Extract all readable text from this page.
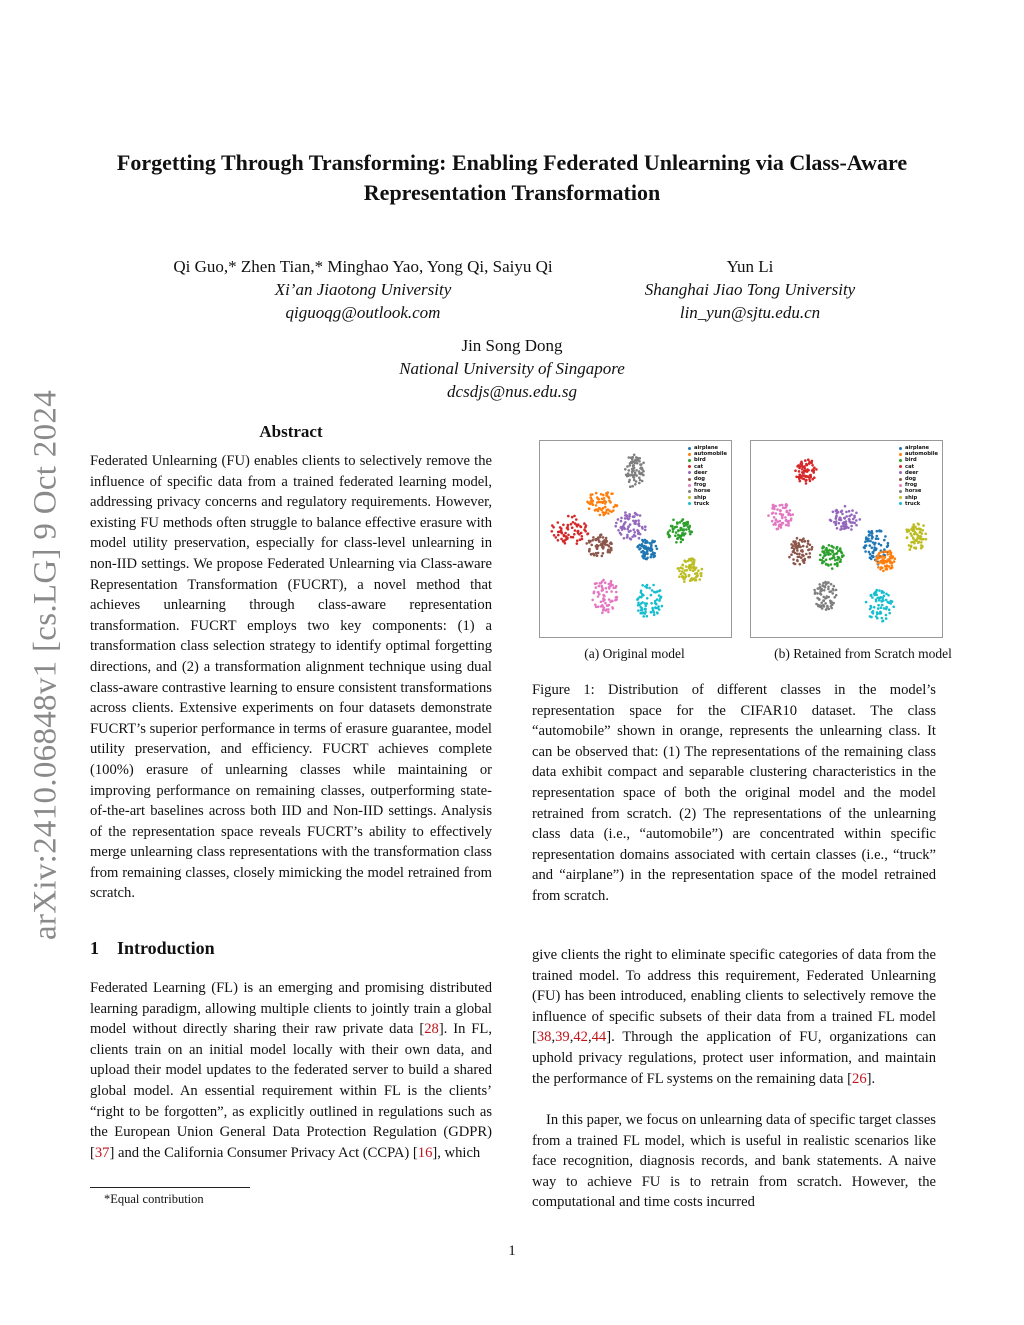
arXiv:2410.06848v1 [cs.LG] 9 Oct 2024
Forgetting Through Transforming: Enabling Federated Unlearning via Class-Aware Representation Transformation
Qi Guo,* Zhen Tian,* Minghao Yao, Yong Qi, Saiyu Qi
Xi’an Jiaotong University
qiguoqg@outlook.com
Yun Li
Shanghai Jiao Tong University
lin_yun@sjtu.edu.cn
Jin Song Dong
National University of Singapore
dcsdjs@nus.edu.sg
Abstract
Federated Unlearning (FU) enables clients to selectively remove the influence of specific data from a trained federated learning model, addressing privacy concerns and regulatory requirements. However, existing FU methods often struggle to balance effective erasure with model utility preservation, especially for class-level unlearning in non-IID settings. We propose Federated Unlearning via Class-aware Representation Transformation (FUCRT), a novel method that achieves unlearning through class-aware representation transformation. FUCRT employs two key components: (1) a transformation class selection strategy to identify optimal forgetting directions, and (2) a transformation alignment technique using dual class-aware contrastive learning to ensure consistent transformations across clients. Extensive experiments on four datasets demonstrate FUCRT’s superior performance in terms of erasure guarantee, model utility preservation, and efficiency. FUCRT achieves complete (100%) erasure of unlearning classes while maintaining or improving performance on remaining classes, outperforming state-of-the-art baselines across both IID and Non-IID settings. Analysis of the representation space reveals FUCRT’s ability to effectively merge unlearning class representations with the transformation class from remaining classes, closely mimicking the model retrained from scratch.
airplane
automobile
bird
cat
deer
dog
frog
horse
ship
truck
airplane
automobile
bird
cat
deer
dog
frog
horse
ship
truck
(a) Original model	(b) Retained from Scratch model
Figure 1: Distribution of different classes in the model’s representation space for the CIFAR10 dataset. The class “automobile” shown in orange, represents the unlearning class. It can be observed that: (1) The representations of the remaining class data exhibit compact and separable clustering characteristics in the representation space of both the original model and the model retrained from scratch. (2) The representations of the unlearning class data (i.e., “automobile”) are concentrated within specific representation domains associated with certain classes (i.e., “truck” and “airplane”) in the representation space of the model retrained from scratch.
1 Introduction
Federated Learning (FL) is an emerging and promising distributed learning paradigm, allowing multiple clients to jointly train a global model without directly sharing their raw private data [28]. In FL, clients train on an initial model locally with their own data, and upload their model updates to the federated server to build a shared global model. An essential requirement within FL is the clients’ “right to be forgotten”, as explicitly outlined in regulations such as the European Union General Data Protection Regulation (GDPR) [37] and the California Consumer Privacy Act (CCPA) [16], which
give clients the right to eliminate specific categories of data from the trained model. To address this requirement, Federated Unlearning (FU) has been introduced, enabling clients to selectively remove the influence of specific subsets of their data from a trained FL model [38,39,42,44]. Through the application of FU, organizations can uphold privacy regulations, protect user information, and maintain the performance of FL systems on the remaining data [26].
In this paper, we focus on unlearning data of specific target classes from a trained FL model, which is useful in realistic scenarios like face recognition, diagnosis records, and bank statements. A naive way to achieve FU is to retrain from scratch. However, the computational and time costs incurred
*Equal contribution
1
